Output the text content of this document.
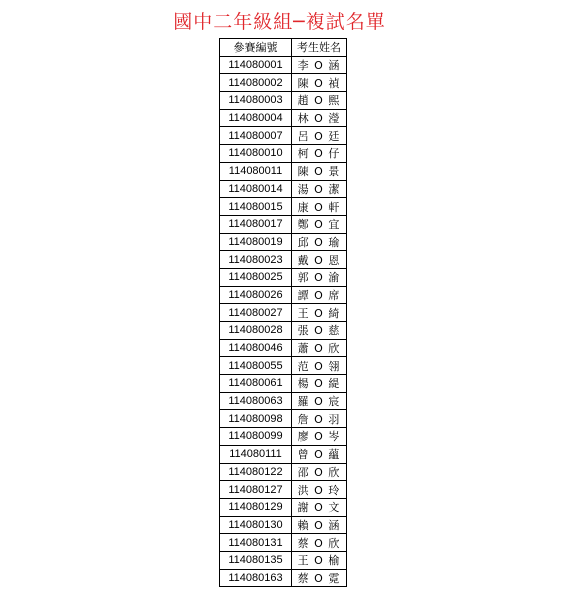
國中二年級組─複試名單
參賽編號	考生姓名
114080001	李 O 涵
114080002	陳 O 禎
114080003	趙 O 熙
114080004	林 O 瀅
114080007	呂 O 廷
114080010	柯 O 仔
114080011	陳 O 景
114080014	湯 O 潔
114080015	康 O 軒
114080017	鄭 O 宜
114080019	邱 O 瑜
114080023	戴 O 恩
114080025	郭 O 渝
114080026	譚 O 席
114080027	王 O 綺
114080028	張 O 慈
114080046	蕭 O 欣
114080055	范 O 翎
114080061	楊 O 緹
114080063	羅 O 宸
114080098	詹 O 羽
114080099	廖 O 岑
114080111	曾 O 蘊
114080122	邵 O 欣
114080127	洪 O 玲
114080129	謝 O 文
114080130	賴 O 涵
114080131	蔡 O 欣
114080135	王 O 榆
114080163	蔡 O 霓
